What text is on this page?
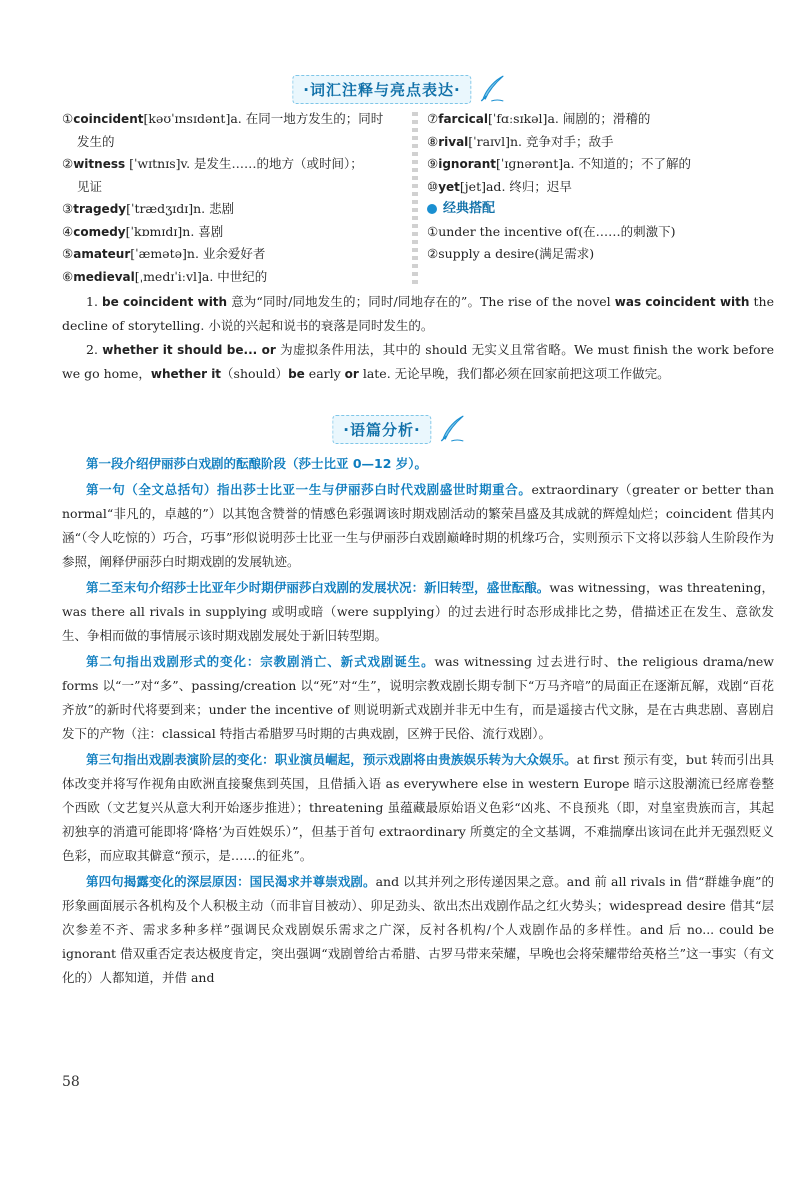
·词汇注释与亮点表达·
①coincident[kəʊˈɪnsɪdənt]a. 在同一地方发生的；同时
发生的
②witness [ˈwɪtnɪs]v. 是发生……的地方（或时间）；
见证
③tragedy[ˈtrædʒɪdɪ]n. 悲剧
④comedy[ˈkɒmɪdɪ]n. 喜剧
⑤amateur[ˈæmətə]n. 业余爱好者
⑥medieval[ˌmedɪˈiːvl]a. 中世纪的
⑦farcical[ˈfɑːsɪkəl]a. 闹剧的；滑稽的
⑧rival[ˈraɪvl]n. 竞争对手；敌手
⑨ignorant[ˈɪɡnərənt]a. 不知道的；不了解的
⑩yet[jet]ad. 终归；迟早
经典搭配
①under the incentive of(在……的刺激下)
②supply a desire(满足需求)

1. be coincident with 意为“同时/同地发生的；同时/同地存在的”。The rise of the novel was coincident with the decline of storytelling. 小说的兴起和说书的衰落是同时发生的。

2. whether it should be... or 为虚拟条件用法，其中的 should 无实义且常省略。We must finish the work before we go home，whether it（should）be early or late. 无论早晚，我们都必须在回家前把这项工作做完。

·语篇分析·

第一段介绍伊丽莎白戏剧的酝酿阶段（莎士比亚 0—12 岁）。

第一句（全文总括句）指出莎士比亚一生与伊丽莎白时代戏剧盛世时期重合。extraordinary（greater or better than normal“非凡的，卓越的”）以其饱含赞誉的情感色彩强调该时期戏剧活动的繁荣昌盛及其成就的辉煌灿烂；coincident 借其内涵“（令人吃惊的）巧合，巧事”形似说明莎士比亚一生与伊丽莎白戏剧巅峰时期的机缘巧合，实则预示下文将以莎翁人生阶段作为参照，阐释伊丽莎白时期戏剧的发展轨迹。

第二至末句介绍莎士比亚年少时期伊丽莎白戏剧的发展状况：新旧转型，盛世酝酿。was witnessing，was threatening，was there all rivals in supplying 或明或暗（were supplying）的过去进行时态形成排比之势，借描述正在发生、意欲发生、争相而做的事情展示该时期戏剧发展处于新旧转型期。

第二句指出戏剧形式的变化：宗教剧消亡、新式戏剧诞生。was witnessing 过去进行时、the religious drama/new forms 以“一”对“多”、passing/creation 以“死”对“生”，说明宗教戏剧长期专制下“万马齐喑”的局面正在逐渐瓦解，戏剧“百花齐放”的新时代将要到来；under the incentive of 则说明新式戏剧并非无中生有，而是遥接古代文脉，是在古典悲剧、喜剧启发下的产物（注：classical 特指古希腊罗马时期的古典戏剧，区辨于民俗、流行戏剧）。

第三句指出戏剧表演阶层的变化：职业演员崛起，预示戏剧将由贵族娱乐转为大众娱乐。at first 预示有变，but 转而引出具体改变并将写作视角由欧洲直接聚焦到英国，且借插入语 as everywhere else in western Europe 暗示这股潮流已经席卷整个西欧（文艺复兴从意大利开始逐步推进）；threatening 虽蕴藏最原始语义色彩“凶兆、不良预兆（即，对皇室贵族而言，其起初独享的消遣可能即将‘降格’为百姓娱乐）”，但基于首句 extraordinary 所奠定的全文基调，不难揣摩出该词在此并无强烈贬义色彩，而应取其僻意“预示，是……的征兆”。

第四句揭露变化的深层原因：国民渴求并尊崇戏剧。and 以其并列之形传递因果之意。and 前 all rivals in 借“群雄争鹿”的形象画面展示各机构及个人积极主动（而非盲目被动）、卯足劲头、欲出杰出戏剧作品之红火势头；widespread desire 借其“层次参差不齐、需求多种多样”强调民众戏剧娱乐需求之广深，反衬各机构/个人戏剧作品的多样性。and 后 no... could be ignorant 借双重否定表达极度肯定，突出强调“戏剧曾给古希腊、古罗马带来荣耀，早晚也会将荣耀带给英格兰”这一事实（有文化的）人都知道，并借 and

58
